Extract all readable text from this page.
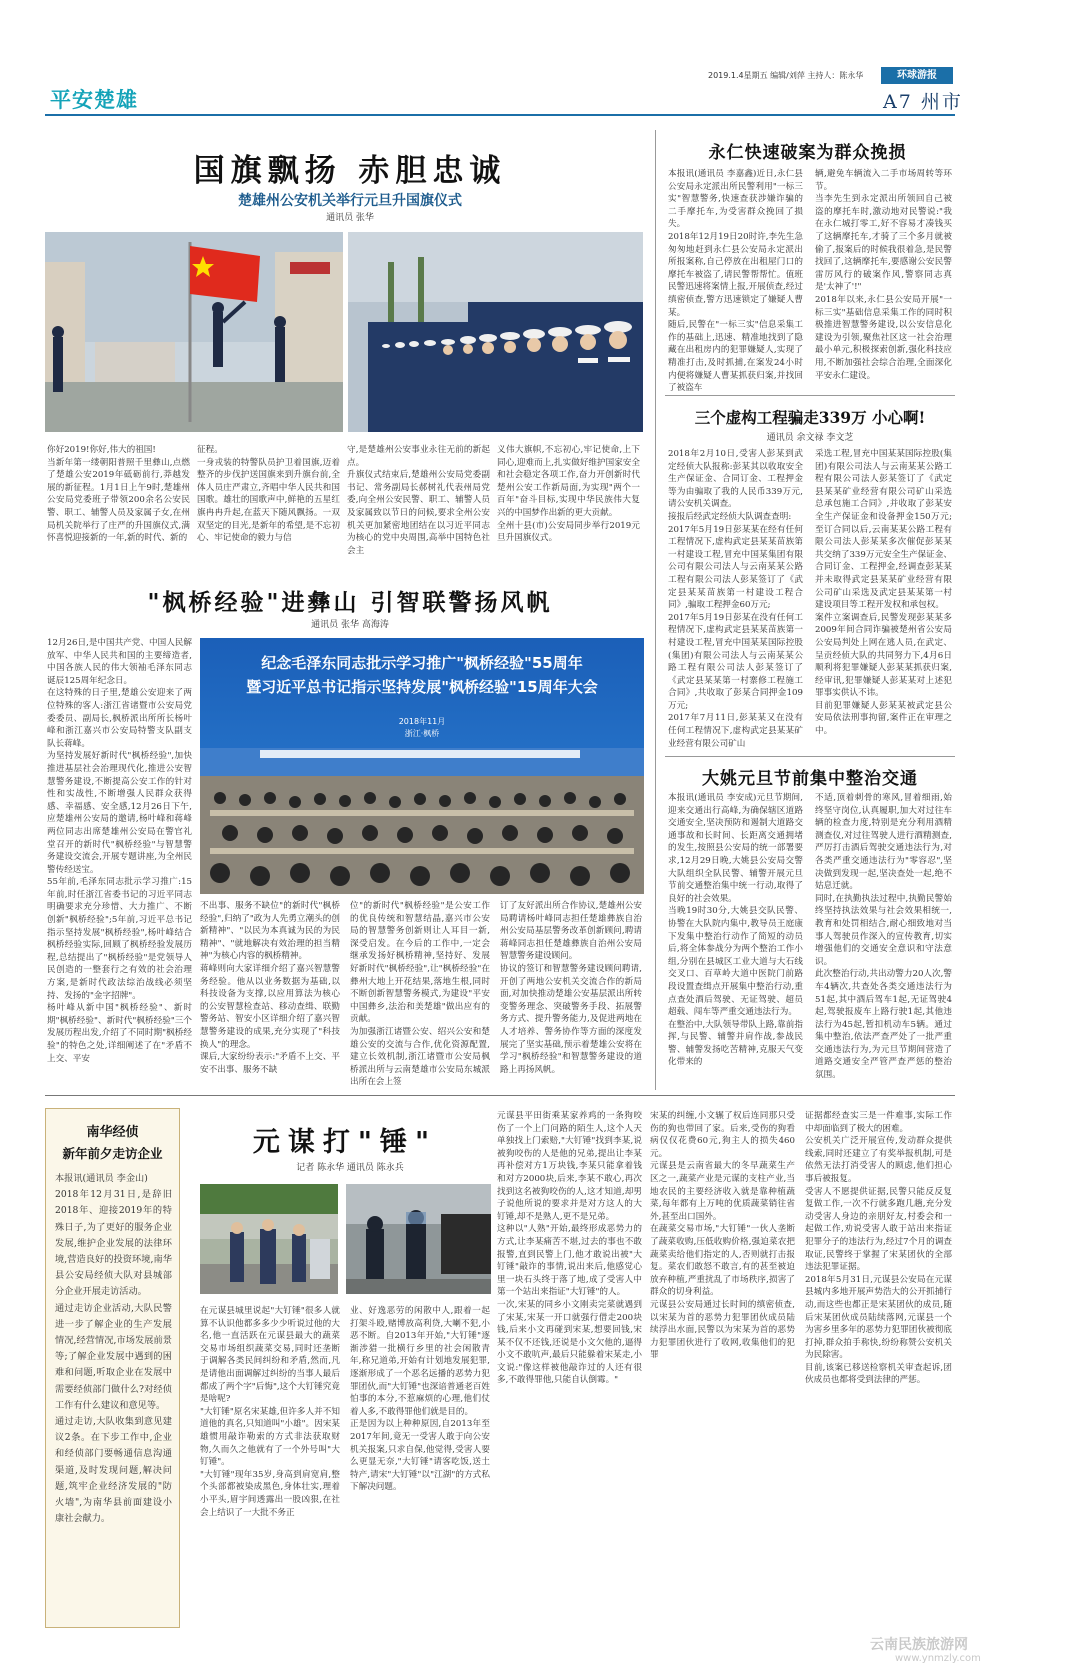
平安楚雄
2019.1.4星期五 编辑/刘萍 主持人：陈永华	环球游报
A7 州市
国旗飘扬 赤胆忠诚
楚雄州公安机关举行元旦升国旗仪式
通讯员 张华
你好2019!你好,伟大的祖国!
当新年第一缕朝阳普照千里彝山,点燃了楚雄公安2019年砥砺前行,莽越发展的新征程。1月1日上午9时,楚雄州公安局党委班子带领200余名公安民警、职工、辅警人员及家属子女,在州局机关院举行了庄严的升国旗仪式,满怀喜悦迎接新的一年,新的时代、新的
征程。
一身戎装的特警队员护卫着国旗,迈着整齐的步伐护送国旗来到升旗台前,全体人员庄严肃立,齐唱中华人民共和国国歌。雄壮的国歌声中,鲜艳的五星红旗冉冉升起,在蓝天下随风飘扬。一双双坚定的目光,是新年的希望,是不忘初心、牢记使命的毅力与信
守,是楚雄州公安事业永往无前的新起点。
升旗仪式结束后,楚雄州公安局党委副书记、常务副局长郝树礼代表州局党委,向全州公安民警、职工、辅警人员及家属致以节日的问候,要求全州公安机关更加紧密地团结在以习近平同志为核心的党中央周围,高举中国特色社会主
义伟大旗帜,不忘初心,牢记使命,上下同心,迎难而上,扎实做好维护国家安全和社会稳定各项工作,奋力开创新时代楚州公安工作新局面,为实现"两个一百年"奋斗目标,实现中华民族伟大复兴的中国梦作出新的更大贡献。
全州十县(市)公安局同步举行2019元旦升国旗仪式。
"枫桥经验"进彝山 引智联警扬风帆
通讯员 张华 高海涛
纪念毛泽东同志批示学习推广"枫桥经验"55周年
暨习近平总书记指示坚持发展"枫桥经验"15周年大会
2018年11月
浙江·枫桥
12月26日,是中国共产党、中国人民解放军、中华人民共和国的主要缔造者,中国各族人民的伟大领袖毛泽东同志诞辰125周年纪念日。
在这特殊的日子里,楚雄公安迎来了两位特殊的客人:浙江省诸暨市公安局党委委员、副局长,枫桥派出所所长杨叶峰和浙江嘉兴市公安局特警支队副支队长蒋峰。
为坚持发展好新时代"枫桥经验",加快推进基层社会治理现代化,推进公安智慧警务建设,不断提高公安工作的针对性和实战性,不断增强人民群众获得感、幸福感、安全感,12月26日下午,应楚雄州公安局的邀请,杨叶峰和蒋峰两位同志出席楚雄州公安局在警官礼堂召开的新时代"枫桥经验"与智慧警务建设交流会,开展专题讲座,为全州民警传经送宝。
55年前,毛泽东同志批示学习推广:15年前,时任浙江省委书记的习近平同志明确要求充分珍惜、大力推广、不断创新"枫桥经验";5年前,习近平总书记指示坚持发展"枫桥经验",杨叶峰结合枫桥经验实际,回顾了枫桥经验发展历程,总结提出了"枫桥经验"是党领导人民创造的一整套行之有效的社会治理方案,是新时代政法综治战线必须坚持、发扬的"金字招牌"。
杨叶峰从新中国"枫桥经验"、新时期"枫桥经验"、新时代"枫桥经验"三个发展历程出发,介绍了不同时期"枫桥经验"的特色之处,详细阐述了在"矛盾不上交、平安
不出事、服务不缺位"的新时代"枫桥经验",归纳了"政为人先勇立潮头的创新精神"、"以民为本真诚为民的为民精神"、"就地解决有效治理的担当精神"为核心内容的枫桥精神。
蒋峰则向大家详细介绍了嘉兴智慧警务经验。他从以业务数据为基础,以科技设备为支撑,以应用算法为核心的公安智慧检查站、移动查缉、联勤警务站、智安小区详细介绍了嘉兴智慧警务建设的成果,充分实现了"科技换人"的理念。
课后,大家纷纷表示:"矛盾不上交、平安不出事、服务不缺
位"的新时代"枫桥经验"是公安工作的优良传统和智慧结晶,嘉兴市公安局的智慧警务创新则让人耳目一新,深受启发。在今后的工作中,一定会继承发扬好枫桥精神,坚持好、发展好新时代"枫桥经验",让"枫桥经验"在彝州大地上开花结果,落地生根,同时不断创新智慧警务模式,为建设"平安中国彝乡,法治和美楚雄"做出应有的贡献。
为加强浙江诸暨公安、绍兴公安和楚雄公安的交流与合作,优化资源配置,建立长效机制,浙江诸暨市公安局枫桥派出所与云南楚雄市公安局东城派出所在会上签
订了友好派出所合作协议,楚雄州公安局聘请杨叶峰同志担任楚雄彝族自治州公安局基层警务改革创新顾问,聘请蒋峰同志担任楚雄彝族自治州公安局智慧警务建设顾问。
协议的签订和智慧警务建设顾问聘请,开创了两地公安机关交流合作的新局面,对加快推动楚雄公安基层派出所转变警务理念、突破警务手段、拓展警务方式、提升警务能力,及促进两地在人才培养、警务协作等方面的深度发展完了坚实基础,预示着楚雄公安将在学习"枫桥经验"和智慧警务建设的道路上再扬风帆。
永仁快速破案为群众挽损
本报讯(通讯员 李嘉鑫)近日,永仁县公安局永定派出所民警利用"一标三实"智慧警务,快速查获涉嫌诈骗的二手摩托车,为受害群众挽回了损失。
2018年12月19日20时许,李先生急匆匆地赶到永仁县公安局永定派出所报案称,自己停放在出租屋门口的摩托车被盗了,请民警帮帮忙。值班民警迅速将案情上报,开展侦查,经过缜密侦查,警方迅速锁定了嫌疑人曹某。
随后,民警在"一标三实"信息采集工作的基础上,迅速、精准地找到了隐藏在出租房内的犯罪嫌疑人,实现了精准打击,及时抓捕,在案发24小时内便将嫌疑人曹某抓获归案,并找回了被盗车
辆,避免车辆流入二手市场周转等环节。
当李先生到永定派出所领回自己被盗的摩托车时,激动地对民警说:"我在永仁城打零工,好不容易才凑钱买了这辆摩托车,才骑了三个多月就被偷了,报案后的时候我很着急,是民警找回了,这辆摩托车,要感谢公安民警雷厉风行的破案作风,警察同志真是'太神了'!"
2018年以来,永仁县公安局开展"一标三实"基础信息采集工作的同时积极推进智慧警务建设,以公安信息化建设为引领,聚焦社区这一社会治理最小单元,积极探索创新,强化科技应用,不断加强社会综合治理,全面深化平安永仁建设。
三个虚构工程骗走339万 小心啊!
通讯员 余文禄 李文芝
2018年2月10日,受害人彭某到武定经侦大队报称:彭某其以收取安全生产保证金、合同订金、工程押金等为由骗取了我的人民币339万元,请公安机关调查。
接报后经武定经侦大队调查查明:
2017年5月19日彭某某在经有任何工程情况下,虚构武定县某某苗族第一村建设工程,冒充中国某集团有限公司有限公司法人与云南某某公路工程有限公司法人彭某签订了《武定县某某苗族第一村建设工程合同》,骗取工程押金60万元;
2017年5月19日彭某在没有任何工程情况下,虚构武定县某某苗族第一村建设工程,冒充中国某某国际控股(集团)有限公司法人与云南某某公路工程有限公司法人彭某签订了《武定县某某第一村寨修工程施工合同》,共收取了彭某合同押金109万元;
2017年7月11日,彭某某又在没有任何工程情况下,虚构武定县某某矿业经营有限公司矿山
采选工程,冒充中国某某国际控股(集团)有限公司法人与云南某某公路工程有限公司法人彭某签订了《武定县某某矿业经营有限公司矿山采选总承包施工合同》,并收取了彭某安全生产保证金和设备押金150万元;至订合同以后,云南某某公路工程有限公司法人彭某某多次催促彭某某共交纳了339万元安全生产保证金、合同订金、工程押金,经调查彭某某并未取得武定县某某矿业经营有限公司矿山采选及武定县某某第一村建设项目等工程开发权和承包权。
案件立案调查后,民警发现彭某某多2009年间合同诈骗被楚州省公安局公安局判处上网在逃人员,在武定、呈贡经侦大队的共同努力下,4月6日顺利将犯罪嫌疑人彭某某抓获归案,经审讯,犯罪嫌疑人彭某某对上述犯罪事实供认不讳。
目前犯罪嫌疑人彭某某被武定县公安局依法刑事拘留,案件正在审理之中。
大姚元旦节前集中整治交通
本报讯(通讯员 李安成)元旦节期间,迎来交通出行高峰,为确保辖区道路交通安全,坚决预防和遏制大道路交通事故和长时间、长距离交通拥堵的发生,按照县公安局的统一部署要求,12月29日晚,大姚县公安局交警大队组织全队民警、辅警开展元旦节前交通整治集中统一行动,取得了良好的社会效果。
当晚19时30分,大姚县交队民警、协警在大队院内集中,教导员王庭康下发集中整治行动作了简短的动员后,将全体参战分为两个整治工作小组,分别在县城区工业大道与大石线交叉口、百草岭大道中医院门前路段设置查缉点开展集中整治行动,重点查处酒后驾驶、无证驾驶、超员超载、闯车等严重交通违法行为。
在整治中,大队领导带队上路,靠前指挥,与民警、辅警并肩作战,参战民警、辅警发扬吃苦精神,克服天气变化带来的
不适,顶着刺骨的寒风,冒着细雨,始终坚守岗位,认真履职,加大对过往车辆的检查力度,特别是充分利用酒精测查仪,对过往驾驶人进行酒精测查,严厉打击酒后驾驶交通违法行为,对各类严重交通违法行为"零容忍",坚决做到发现一起,坚决查处一起,绝不姑息迁就。
同时,在执勤执法过程中,执勤民警始终坚持执法效果与社会效果相统一,教育和处罚相结合,耐心细致地对当事人驾驶员作深入的宣传教育,切实增强他们的交通安全意识和守法意识。
此次整治行动,共出动警力20人次,警车4辆次,共查处各类交通违法行为51起,其中酒后驾车1起,无证驾驶4起,驾驶报废车上路行驶1起,其他违法行为45起,暂扣机动车5辆。通过集中整治,依法严查严处了一批严重交通违法行为,为元旦节期间营造了道路交通安全严管严查严惩的整治氛围。
南华经侦
新年前夕走访企业
本报讯(通讯员 李金山)
2018年12月31日,是辞旧2018年、迎接2019年的特殊日子,为了更好的服务企业发展,维护企业发展的法律环境,营造良好的投资环境,南华县公安局经侦大队对县城部分企业开展走访活动。
通过走访企业活动,大队民警进一步了解企业的生产发展情况,经营情况,市场发展前景等;了解企业发展中遇到的困难和问题,听取企业在发展中需要经侦部门做什么?对经侦工作有什么建议和意见等。
通过走访,大队收集到意见建议2条。在下步工作中,企业和经侦部门要畅通信息沟通渠道,及时发现问题,解决问题,筑牢企业经济发展的"防火墙",为南华县前面建设小康社会献力。
元谋打"锤"
记者 陈永华 通讯员 陈永兵
在元谋县城里说起"大钉锤"很多人就算不认识他都多多少少听说过他的大名,他一直活跃在元谋县最大的蔬菜交易市场组织蔬菜交易,同时还垄断于调解各类民间纠纷和矛盾,然而,凡是请他出面调解过纠纷的当事人最后都成了两个字"后悔",这个大钉锤究竟是啥呢?
"大钉锤"原名宋某雄,但许多人并不知道他的真名,只知道叫"小雄"。因宋某雄惯用敲诈勒索的方式非法获取财物,久而久之他就有了一个外号叫"大钉锤"。
"大钉锤"现年35岁,身高到肩宽肩,整个头部都被染成黑色,身体壮实,理着小平头,眉宇间透露出一股凶狠,在社会上结识了一大批不务正
业、好逸恶劳的闲散中人,跟着一起打架斗殴,赌博放高利贷,大喇不犯,小恶不断。自2013年开始,"大钉锤"逐渐涉猎一批横行乡里的社会闲散青年,称兄道弟,开始有计划地发展犯罪,逐渐形成了一个恶名远播的恶势力犯罪团伙,而"大钉锤"也深谙普通老百姓怕事的本分,不惹麻烦的心理,他们仗着人多,不敢得罪他们就是目的。
正是因为以上种种原因,自2013年至2017年间,竟无一受害人敢于向公安机关报案,只求自保,他觉得,受害人要么更显无奈,"大钉锤"请客吃饭,送土特产,请宋"大钉锤"以"江湖"的方式私下解决问题。
元谋县平田街乘某家养鸡的一条狗咬伤了一个上门问路的陌生人,这个人天单独找上门索赔,"大钉锤"找到李某,说被狗咬伤的人是他的兄弟,提出让李某再补偿对方1万块钱,李某只能拿着钱和对方2000块,后来,李某不敢心,再次找到这名被狗咬伤的人,这才知道,却男子说他所说的要求并是对方这人的大钉锤,却不是熟人,更不是兄弟。
这种以"人熟"开始,最终形成恶势力的方式,让李某痛苦不堪,过去的事也不敢报警,直到民警上门,他才敢说出被"大钉锤"敲诈的事情,说出来后,他感觉心里一块石头终于落了地,成了受害人中第一个站出来指证"大钉锤"的人。
一次,宋某的同乡小文刚卖完菜就遇到了宋某,宋某一开口就强行借走200块钱,后来小文再碰到宋某,想要回钱,宋某不仅不还钱,还说是小文欠他的,逼得小文不敢吭声,最后只能躲着宋某走,小文说:"像这样被他敲诈过的人还有很多,不敢得罪他,只能自认倒霉。"
宋某的纠缠,小文辗了权后连同那只受伤的狗也带回了家。后来,受伤的狗看病仅仅花费60元,狗主人的损失460元。
元谋县是云南省最大的冬早蔬菜生产区之一,蔬菜产业是元谋的支柱产业,当地农民的主要经济收入就是靠种植蔬菜,每年都有上万吨的优质蔬菜销往省外,甚至出口国外。
在蔬菜交易市场,"大钉锤"一伙人垄断了蔬菜收购,压低收购价格,强迫菜农把蔬菜卖给他们指定的人,否则就打击报复。菜农们敢怒不敢言,有的甚至被迫放弃种植,严重扰乱了市场秩序,损害了群众的切身利益。
元谋县公安局通过长时间的缜密侦查,以宋某为首的恶势力犯罪团伙成员陆续浮出水面,民警以为宋某为首的恶势力犯罪团伙进行了收网,收集他们的犯罪
证据都经查实三是一件难事,实际工作中却面临到了极大的困难。
公安机关广泛开展宣传,发动群众提供线索,同时还建立了有奖举报机制,可是依然无法打消受害人的顾虑,他们担心事后被报复。
受害人不愿提供证据,民警只能反反复复做工作,一次不行就多跑几趟,充分发动受害人身边的亲朋好友,村委会和一起做工作,劝说受害人敢于站出来指证犯罪分子的违法行为,经过7个月的调查取证,民警终于掌握了宋某团伙的全部违法犯罪证据。
2018年5月31日,元谋县公安局在元谋县城内多地开展声势浩大的公开抓捕行动,而这些也都正是宋某团伙的成员,随后宋某团伙成员陆续落网,元谋县一个为害乡里多年的恶势力犯罪团伙被彻底打掉,群众拍手称快,纷纷称赞公安机关为民除害。
目前,该案已移送检察机关审查起诉,团伙成员也都将受到法律的严惩。
云南民族旅游网
www.ynmzly.com
